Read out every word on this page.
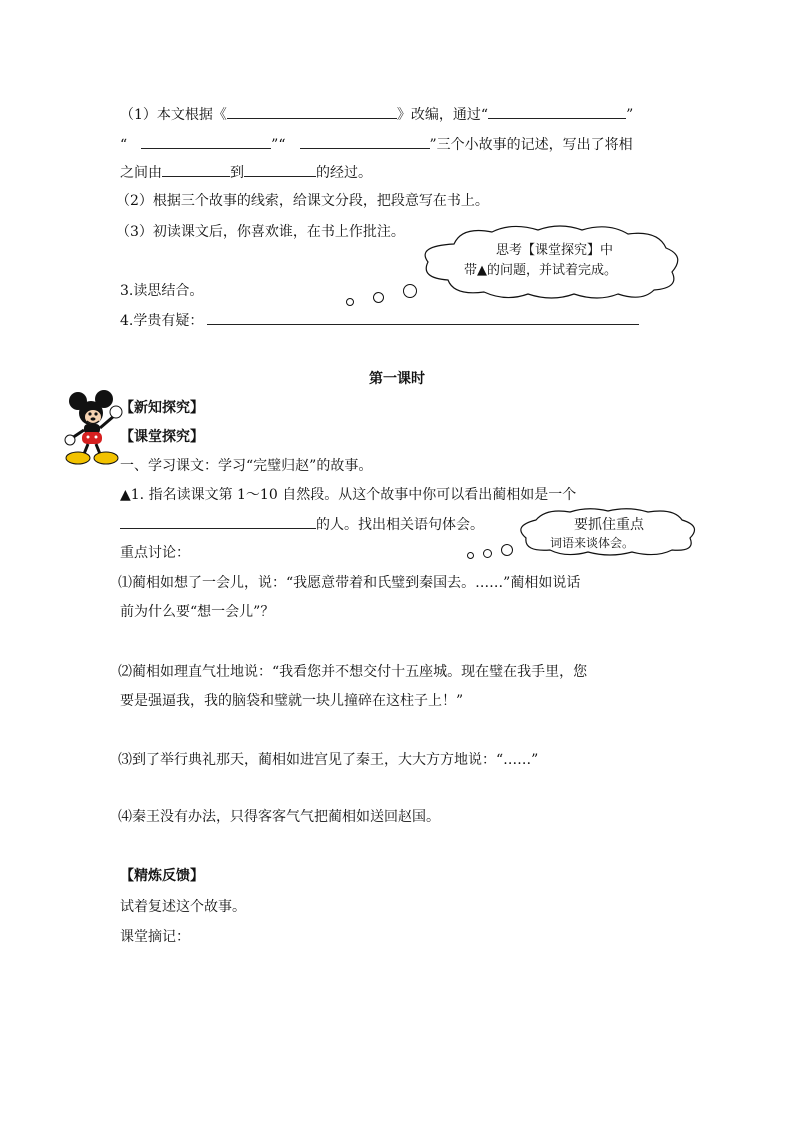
（1）本文根据《	》改编，通过“	”
“	”“	”三个小故事的记述，写出了将相
之间由	到	的经过。
（2）根据三个故事的线索，给课文分段，把段意写在书上。
（3）初读课文后，你喜欢谁，在书上作批注。
思考【课堂探究】中
带▲的问题，并试着完成。
3.读思结合。
4.学贵有疑：
第一课时
【新知探究】
【课堂探究】
一、学习课文：学习“完璧归赵”的故事。
▲1. 指名读课文第 1～10 自然段。从这个故事中你可以看出蔺相如是一个
的人。找出相关语句体会。	要抓住重点
词语来谈体会。
重点讨论：
⑴蔺相如想了一会儿，说：“我愿意带着和氏璧到秦国去。……”蔺相如说话
前为什么要“想一会儿”？
⑵蔺相如理直气壮地说：“我看您并不想交付十五座城。现在璧在我手里，您
要是强逼我，我的脑袋和璧就一块儿撞碎在这柱子上！”
⑶到了举行典礼那天，蔺相如进宫见了秦王，大大方方地说：“……”
⑷秦王没有办法，只得客客气气把蔺相如送回赵国。
【精炼反馈】
试着复述这个故事。
课堂摘记：
